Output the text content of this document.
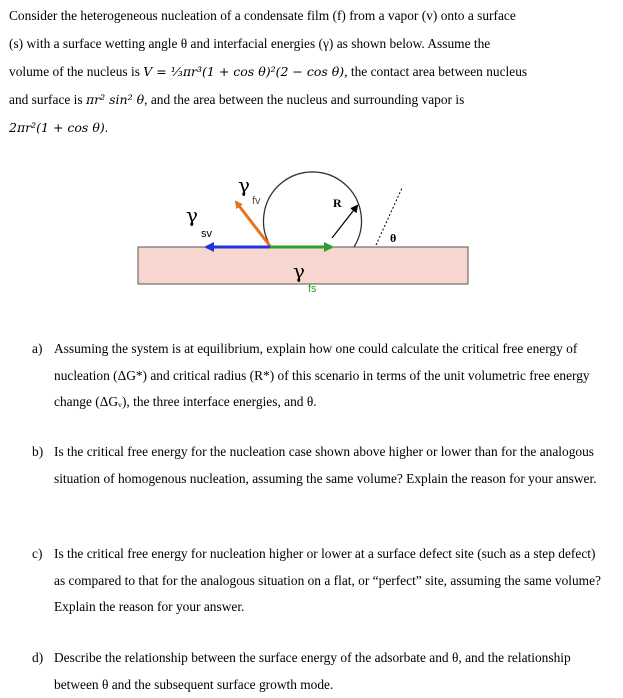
Consider the heterogeneous nucleation of a condensate film (f) from a vapor (v) onto a surface

(s) with a surface wetting angle θ and interfacial energies (γ) as shown below. Assume the

volume of the nucleus is V = ⅓πr³(1 + cos θ)²(2 − cos θ), the contact area between nucleus

and surface is πr² sin² θ, and the area between the nucleus and surrounding vapor is

2πr²(1 + cos θ).

γ
fv
γ
sv
γ
fs
R
θ
a) Assuming the system is at equilibrium, explain how one could calculate the critical free energy of nucleation (ΔG*) and critical radius (R*) of this scenario in terms of the unit volumetric free energy change (ΔGᵥ), the three interface energies, and θ.
b) Is the critical free energy for the nucleation case shown above higher or lower than for the analogous situation of homogenous nucleation, assuming the same volume? Explain the reason for your answer.
c) Is the critical free energy for nucleation higher or lower at a surface defect site (such as a step defect) as compared to that for the analogous situation on a flat, or “perfect” site, assuming the same volume? Explain the reason for your answer.
d) Describe the relationship between the surface energy of the adsorbate and θ, and the relationship between θ and the subsequent surface growth mode.
